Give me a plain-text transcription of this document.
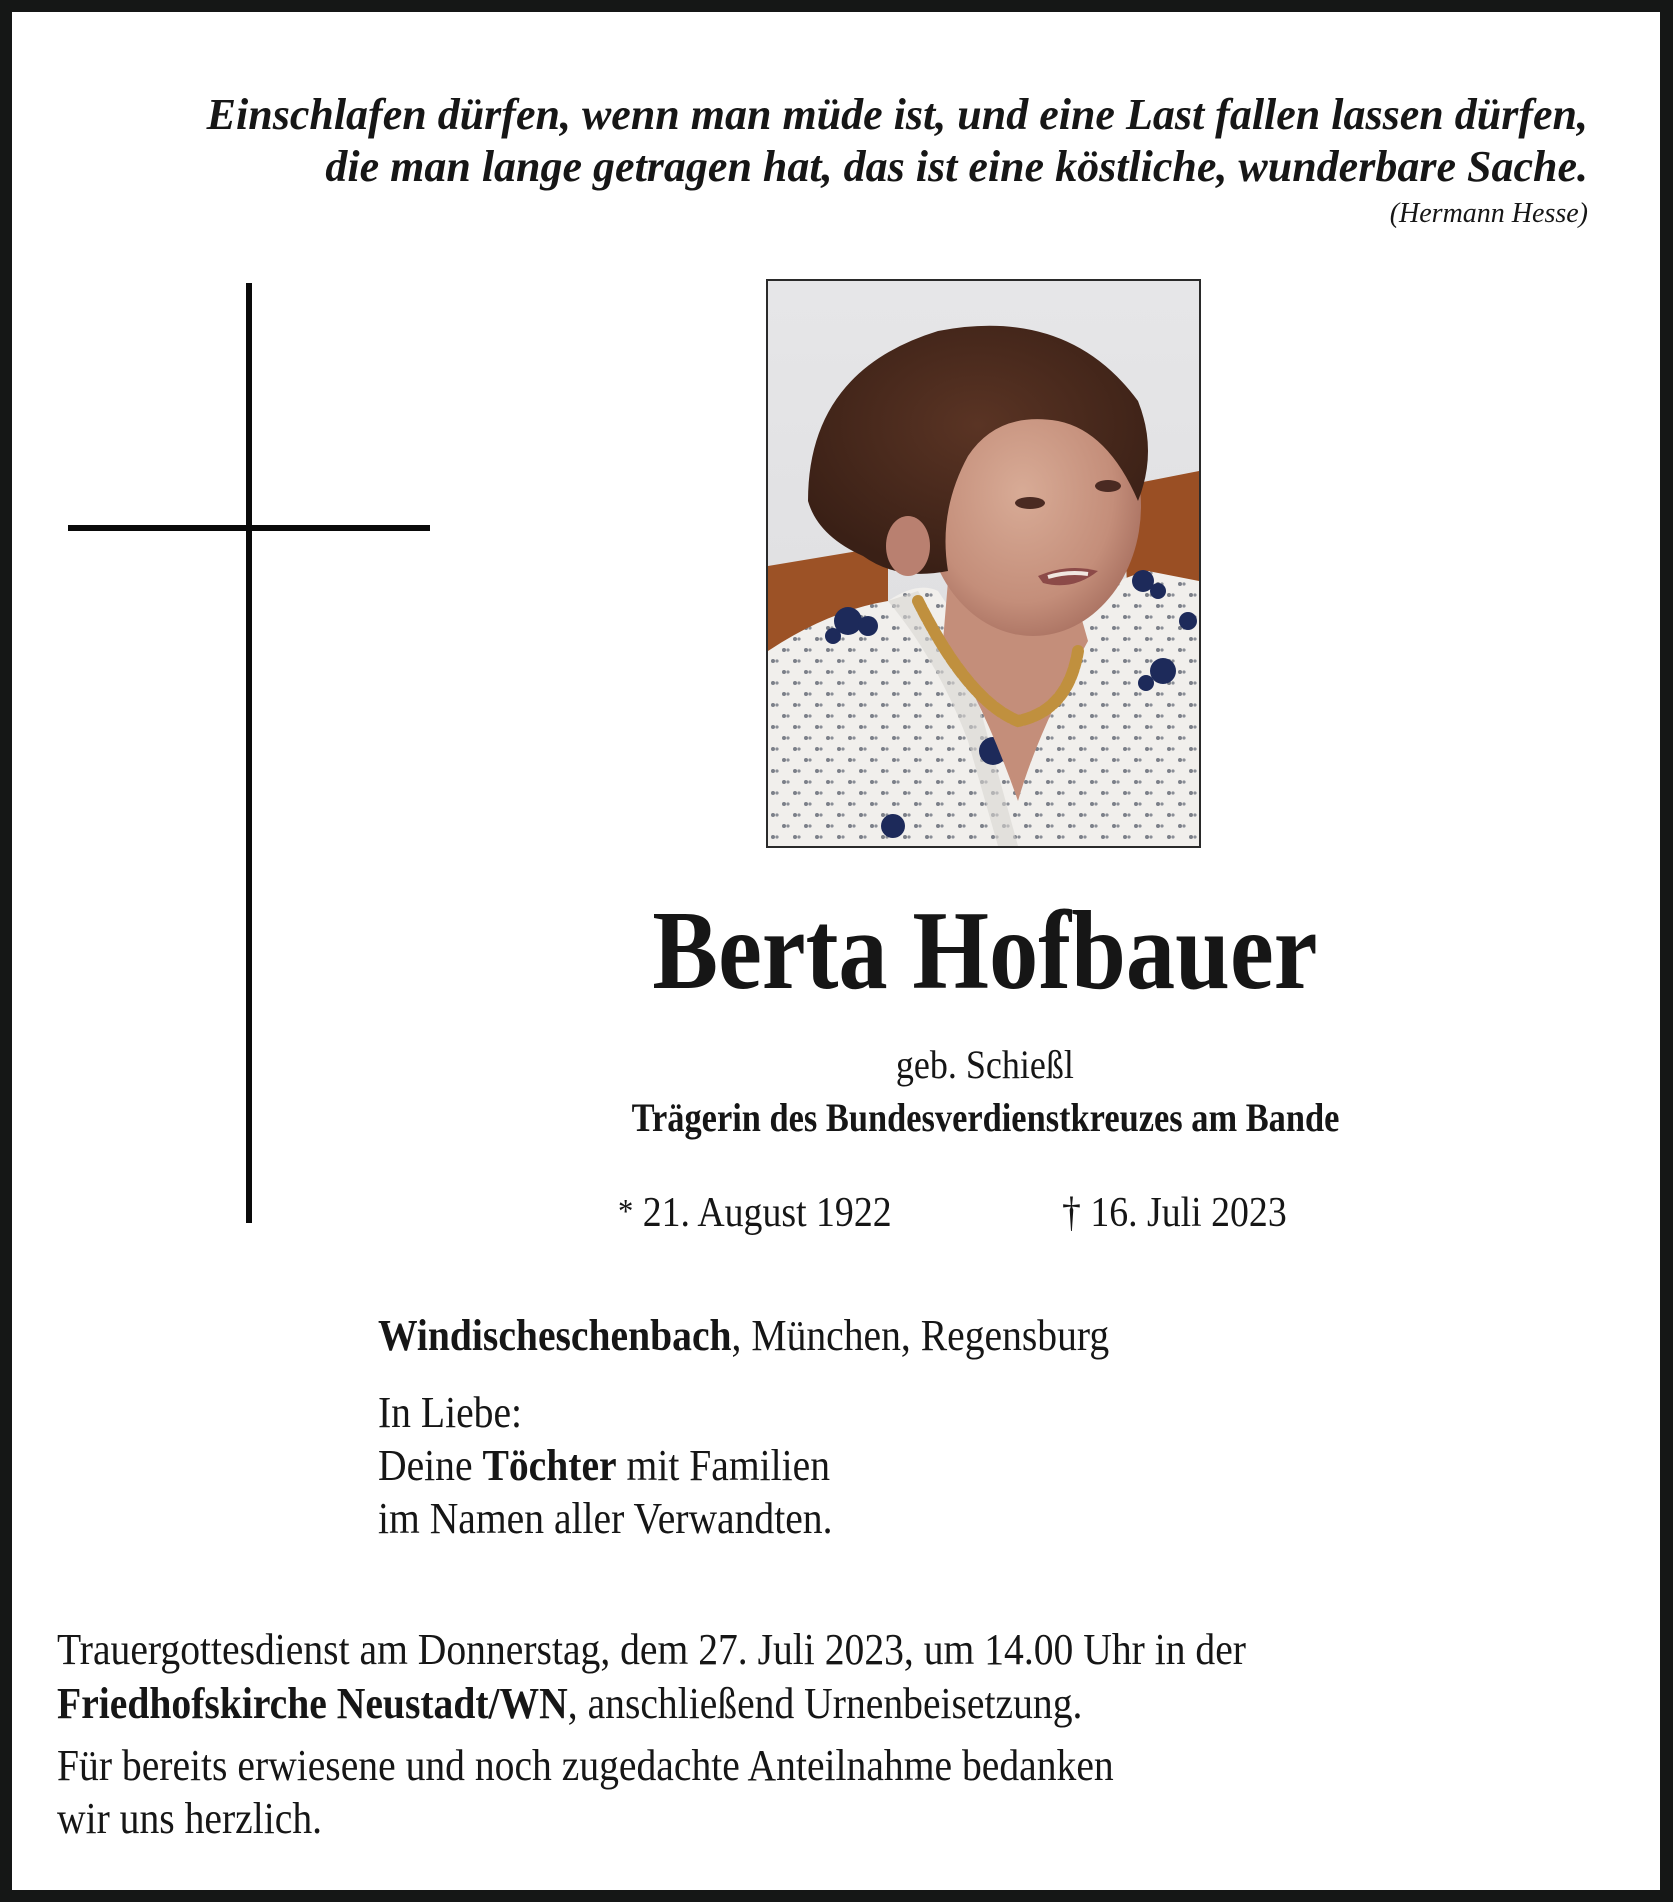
Einschlafen dürfen, wenn man müde ist, und eine Last fallen lassen dürfen,
die man lange getragen hat, das ist eine köstliche, wunderbare Sache.
(Hermann Hesse)
Berta Hofbauer
geb. Schießl
Trägerin des Bundesverdienstkreuzes am Bande
* 21. August 1922	† 16. Juli 2023
Windischeschenbach, München, Regensburg
In Liebe:
Deine Töchter mit Familien
im Namen aller Verwandten.
Trauergottesdienst am Donnerstag, dem 27. Juli 2023, um 14.00 Uhr in der
Friedhofskirche Neustadt/WN, anschließend Urnenbeisetzung.
Für bereits erwiesene und noch zugedachte Anteilnahme bedanken
wir uns herzlich.
